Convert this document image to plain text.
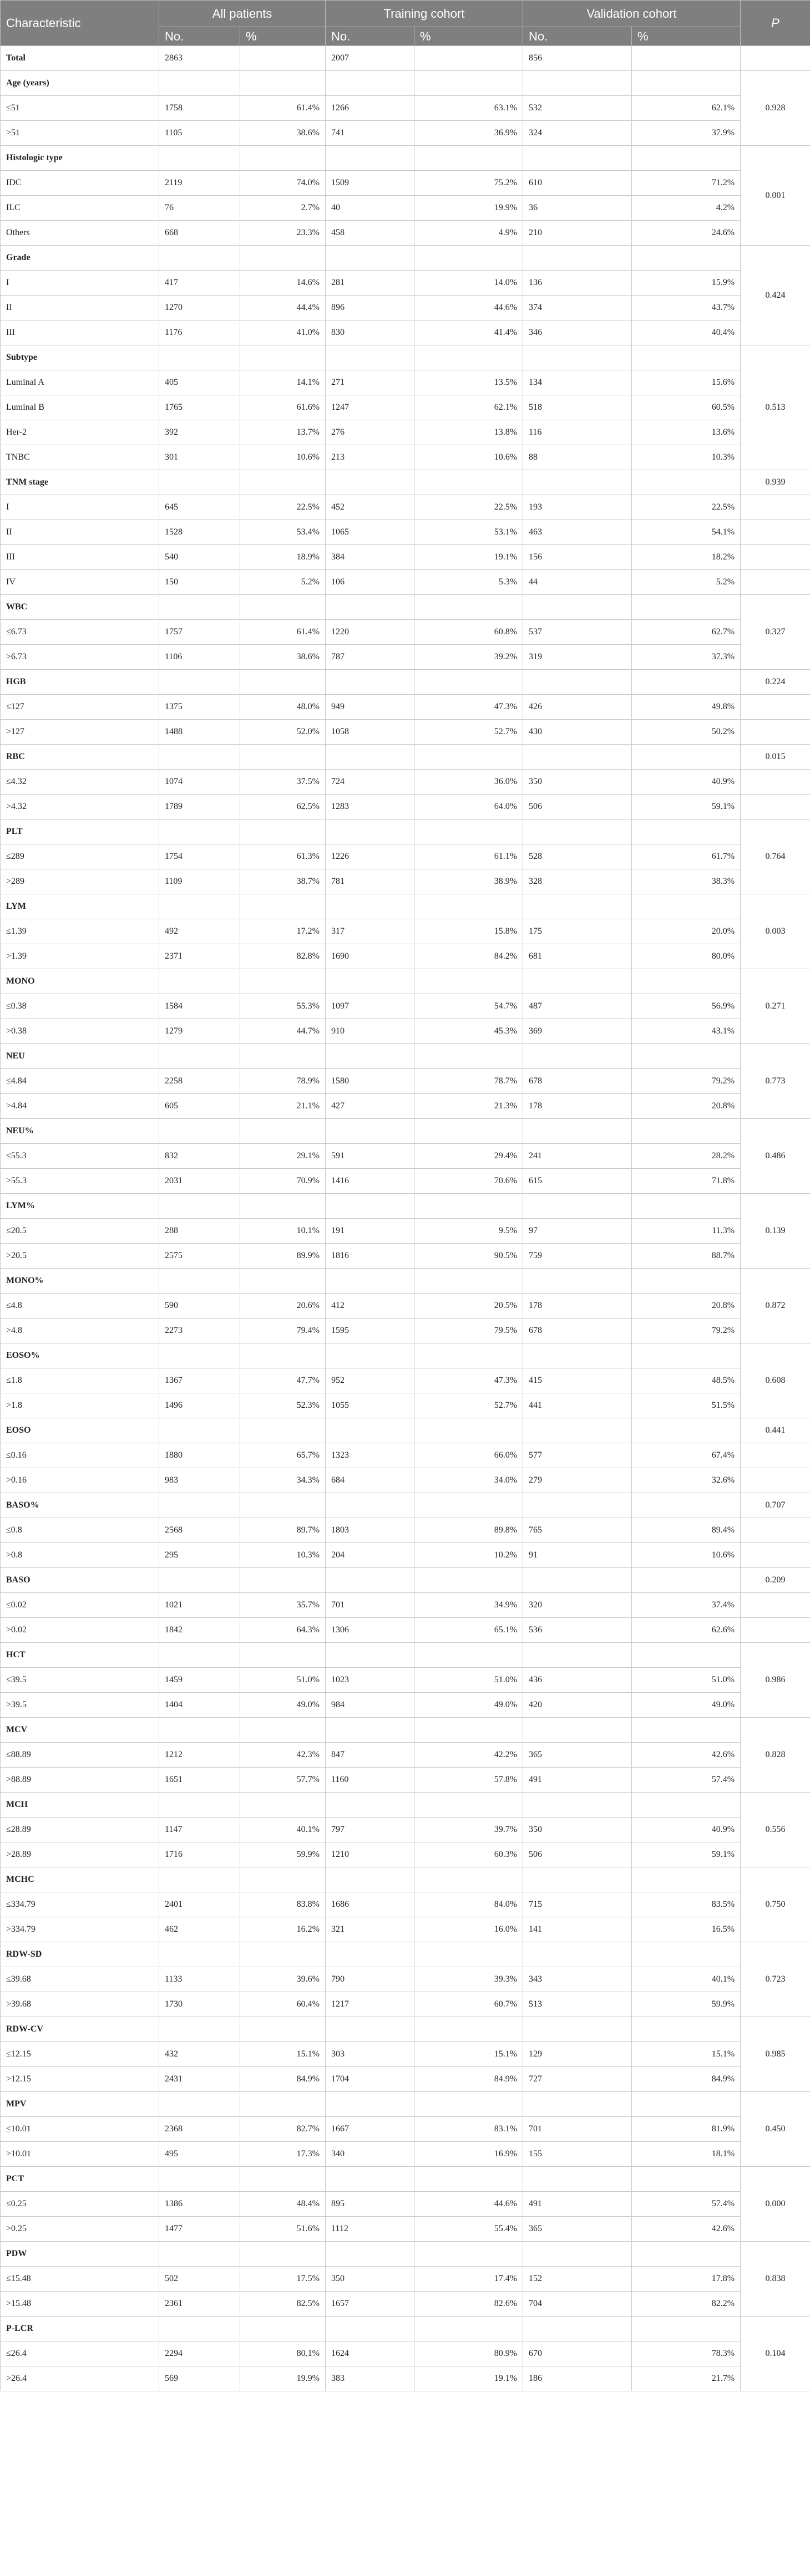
Characteristic	All patients		Training cohort		Validation cohort		P
	No.	%	No.	%	No.	%	
Total	2863		2007		856		
Age (years)							0.928
≤51	1758	61.4%	1266	63.1%	532	62.1%	
>51	1105	38.6%	741	36.9%	324	37.9%	
Histologic type							0.001
IDC	2119	74.0%	1509	75.2%	610	71.2%	
ILC	76	2.7%	40	19.9%	36	4.2%	
Others	668	23.3%	458	4.9%	210	24.6%	
Grade							0.424
I	417	14.6%	281	14.0%	136	15.9%	
II	1270	44.4%	896	44.6%	374	43.7%	
III	1176	41.0%	830	41.4%	346	40.4%	
Subtype							0.513
Luminal A	405	14.1%	271	13.5%	134	15.6%	
Luminal B	1765	61.6%	1247	62.1%	518	60.5%	
Her-2	392	13.7%	276	13.8%	116	13.6%	
TNBC	301	10.6%	213	10.6%	88	10.3%	
TNM stage							0.939
I	645	22.5%	452	22.5%	193	22.5%	
II	1528	53.4%	1065	53.1%	463	54.1%	
III	540	18.9%	384	19.1%	156	18.2%	
IV	150	5.2%	106	5.3%	44	5.2%	
WBC							0.327
≤6.73	1757	61.4%	1220	60.8%	537	62.7%	
>6.73	1106	38.6%	787	39.2%	319	37.3%	
HGB							0.224
≤127	1375	48.0%	949	47.3%	426	49.8%	
>127	1488	52.0%	1058	52.7%	430	50.2%	
RBC							0.015
≤4.32	1074	37.5%	724	36.0%	350	40.9%	
>4.32	1789	62.5%	1283	64.0%	506	59.1%	
PLT							0.764
≤289	1754	61.3%	1226	61.1%	528	61.7%	
>289	1109	38.7%	781	38.9%	328	38.3%	
LYM							0.003
≤1.39	492	17.2%	317	15.8%	175	20.0%	
>1.39	2371	82.8%	1690	84.2%	681	80.0%	
MONO							0.271
≤0.38	1584	55.3%	1097	54.7%	487	56.9%	
>0.38	1279	44.7%	910	45.3%	369	43.1%	
NEU							0.773
≤4.84	2258	78.9%	1580	78.7%	678	79.2%	
>4.84	605	21.1%	427	21.3%	178	20.8%	
NEU%							0.486
≤55.3	832	29.1%	591	29.4%	241	28.2%	
>55.3	2031	70.9%	1416	70.6%	615	71.8%	
LYM%							0.139
≤20.5	288	10.1%	191	9.5%	97	11.3%	
>20.5	2575	89.9%	1816	90.5%	759	88.7%	
MONO%							0.872
≤4.8	590	20.6%	412	20.5%	178	20.8%	
>4.8	2273	79.4%	1595	79.5%	678	79.2%	
EOSO%							0.608
≤1.8	1367	47.7%	952	47.3%	415	48.5%	
>1.8	1496	52.3%	1055	52.7%	441	51.5%	
EOSO							0.441
≤0.16	1880	65.7%	1323	66.0%	577	67.4%	
>0.16	983	34.3%	684	34.0%	279	32.6%	
BASO%							0.707
≤0.8	2568	89.7%	1803	89.8%	765	89.4%	
>0.8	295	10.3%	204	10.2%	91	10.6%	
BASO							0.209
≤0.02	1021	35.7%	701	34.9%	320	37.4%	
>0.02	1842	64.3%	1306	65.1%	536	62.6%	
HCT							0.986
≤39.5	1459	51.0%	1023	51.0%	436	51.0%	
>39.5	1404	49.0%	984	49.0%	420	49.0%	
MCV							0.828
≤88.89	1212	42.3%	847	42.2%	365	42.6%	
>88.89	1651	57.7%	1160	57.8%	491	57.4%	
MCH							0.556
≤28.89	1147	40.1%	797	39.7%	350	40.9%	
>28.89	1716	59.9%	1210	60.3%	506	59.1%	
MCHC							0.750
≤334.79	2401	83.8%	1686	84.0%	715	83.5%	
>334.79	462	16.2%	321	16.0%	141	16.5%	
RDW-SD							0.723
≤39.68	1133	39.6%	790	39.3%	343	40.1%	
>39.68	1730	60.4%	1217	60.7%	513	59.9%	
RDW-CV							0.985
≤12.15	432	15.1%	303	15.1%	129	15.1%	
>12.15	2431	84.9%	1704	84.9%	727	84.9%	
MPV							0.450
≤10.01	2368	82.7%	1667	83.1%	701	81.9%	
>10.01	495	17.3%	340	16.9%	155	18.1%	
PCT							0.000
≤0.25	1386	48.4%	895	44.6%	491	57.4%	
>0.25	1477	51.6%	1112	55.4%	365	42.6%	
PDW							0.838
≤15.48	502	17.5%	350	17.4%	152	17.8%	
>15.48	2361	82.5%	1657	82.6%	704	82.2%	
P-LCR							0.104
≤26.4	2294	80.1%	1624	80.9%	670	78.3%	
>26.4	569	19.9%	383	19.1%	186	21.7%	
